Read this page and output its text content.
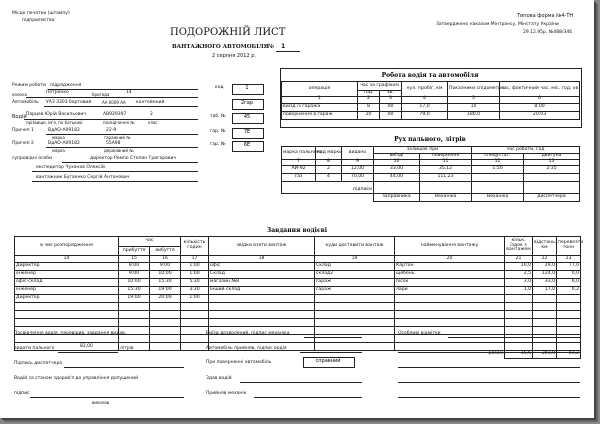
Місце печатки (штампу)
підприємства
ПОДОРОЖНІЙ ЛИСТ
ВАНТАЖНОГО АВТОМОБІЛЯ № 1
2 серпня 2012 р.
Типова форма №4-ТН
Затверджено наказом Мінтрансу, Мінстату України
29.12.95р. №488/346
Режим роботи підрядження
колона	Петренко	бригада	14
Автомобіль УАЗ 3303 бортовий	АА 0009 АА контейнний
Водій Парцев Юрій Васильович	АВ929397	2
прізвище, ім'я, по батькові	посвідчення №	клас
Причеп 1	ВдАО-А09182	22-9
марка	гаражний №
Причеп 2	ВдАО-А09182	55А98
марка	державний №
супровідні особи	директор Ремпо Степан Григорович
експедитор Чуханов Олексій
вантажник Бугаенко Сергій Антонович
код	1
2гар
таб. №	45
гар. №	7Е
гар. №	6Е
Робота водія та автомобіля
операція	час за графіком		нул. пробіг, км	Показники спідометра	час, фактичний час, міс, год, хв
	год.	хв.			
1	2	3	4	5	6
виїзд із гаража	8	00	17,0	10	8:00
повернення в гараж	20	00	79,0	180,0	20:03
Рух пального, літрів
марка пального	код марки	видано	залишок при		час роботи, год	
			виїзді	поверненні	спецустат.	двигуна
7	8	9	10	11	12	13
АИ-92	2	12,00	33,00	35,12	1:50	2:35
газ	4	70,00	44,00	111,23		
підписи						
			заправника	механіка	механіка	диспетчера
Завдання водієві
в чиє розпорядження	час		кількість годин	звідки взяти вантаж	куди доставити вантаж	найменування вантажу	кільк. їздок з вантажем	відстань, км	перевезти тонн
	прибуття	вибуття							
14	15	16	17	18	19	20	21	22	23
Директор	8:00	9:00	1:00	офіс	Склад	Картон	10,0	29,0	77,0
інженер	9:00	10:00	1:00	Склад	склад2	щебень	2,5	124,0	0,0
офіс-склад	10:00	15:30	5:30	магазин №8	гараж	пісок	3,0	33,0	6,0
інженер	15:30	19:00	3:30	Інший склад	гараж	лари	1,0	17,0	0,2
Директор	19:00	20:00	1:00						

разом							16,5	203,0	83,2
Посвідчення водія, перевірив, завдання видав,
видати пального	82,00	літрів
Підпись диспетчера
Водій за станом здоров'я до управління допущений
підпис
виконав
Виїзд дозволений, підпис механіка
Автомобіль прийняв, підпис водія
При поверненні автомобіль	справний
Здав водій
Прийняв механік
Особливі відмітки
